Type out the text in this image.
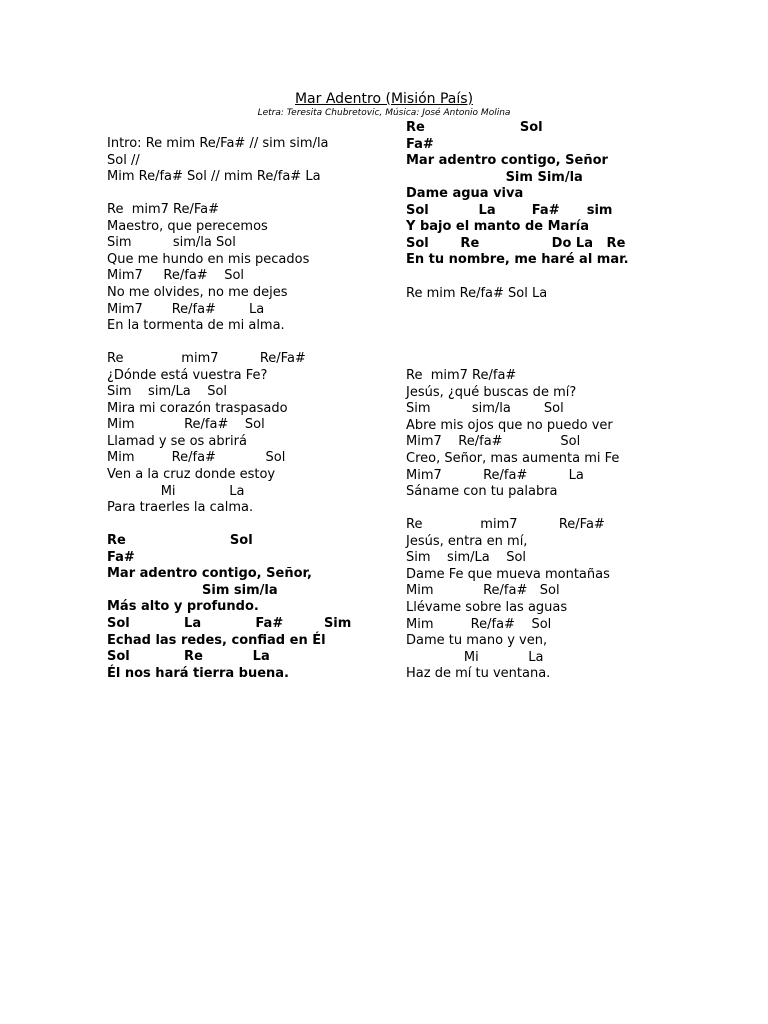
Mar Adentro (Misión País)
Letra: Teresita Chubretovic, Música: José Antonio Molina
Intro: Re mim Re/Fa# // sim sim/la
Sol //
Mim Re/fa# Sol // mim Re/fa# La
Re  mim7 Re/Fa#
Maestro, que perecemos
Sim          sim/la Sol
Que me hundo en mis pecados
Mim7     Re/fa#    Sol
No me olvides, no me dejes
Mim7       Re/fa#        La
En la tormenta de mi alma.
Re              mim7          Re/Fa#
¿Dónde está vuestra Fe?
Sim    sim/La    Sol
Mira mi corazón traspasado
Mim            Re/fa#    Sol
Llamad y se os abrirá
Mim         Re/fa#            Sol
Ven a la cruz donde estoy
Mi             La
Para traerles la calma.
Re                       Sol
Fa#
Mar adentro contigo, Señor,
Sim sim/la
Más alto y profundo.
Sol            La            Fa#         Sim
Echad las redes, confiad en Él
Sol            Re           La
Él nos hará tierra buena.
Re                     Sol
Fa#
Mar adentro contigo, Señor
Sim Sim/la
Dame agua viva
Sol           La        Fa#      sim
Y bajo el manto de María
Sol       Re                Do La   Re
En tu nombre, me haré al mar.
Re mim Re/fa# Sol La
Re  mim7 Re/fa#
Jesús, ¿qué buscas de mí?
Sim          sim/la        Sol
Abre mis ojos que no puedo ver
Mim7    Re/fa#              Sol
Creo, Señor, mas aumenta mi Fe
Mim7          Re/fa#          La
Sáname con tu palabra
Re              mim7          Re/Fa#
Jesús, entra en mí,
Sim    sim/La    Sol
Dame Fe que mueva montañas
Mim            Re/fa#   Sol
Llévame sobre las aguas
Mim         Re/fa#    Sol
Dame tu mano y ven,
Mi            La
Haz de mí tu ventana.
